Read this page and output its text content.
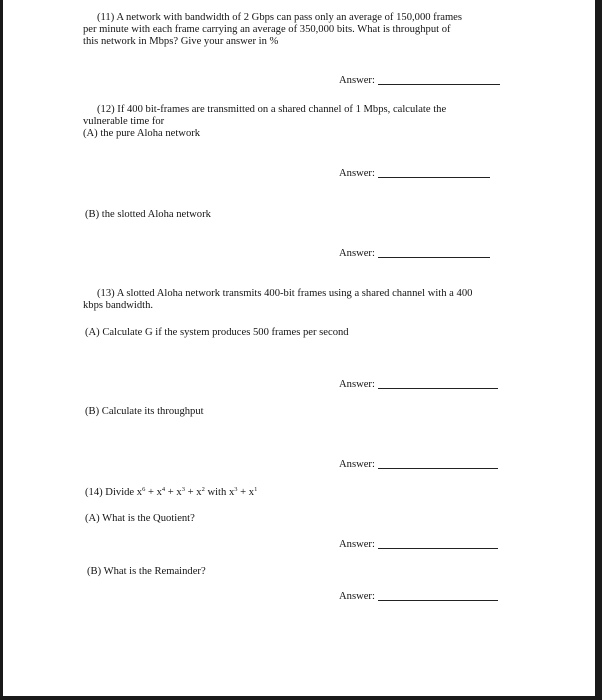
(11) A network with bandwidth of 2 Gbps can pass only an average of 150,000 frames
per minute with each frame carrying an average of 350,000 bits. What is throughput of
this network in Mbps? Give your answer in %
Answer:
(12) If 400 bit-frames are transmitted on a shared channel of 1 Mbps, calculate the
vulnerable time for
(A) the pure Aloha network
Answer:
(B) the slotted Aloha network
Answer:
(13) A slotted Aloha network transmits 400-bit frames using a shared channel with a 400
kbps bandwidth.
(A) Calculate G if the system produces 500 frames per second
Answer:
(B) Calculate its throughput
Answer:
(14) Divide $x^6 + x^4 + x^3 + x^2$ with $x^3 + x^1$
(A) What is the Quotient?
Answer:
(B) What is the Remainder?
Answer:
